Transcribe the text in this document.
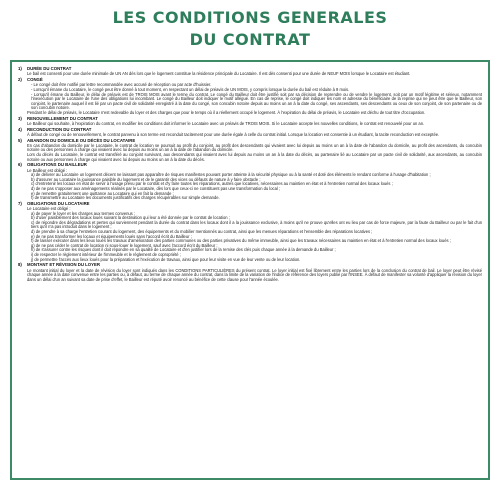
LES CONDITIONS GENERALES
DU CONTRAT
1) DURÉE DU CONTRAT

Le bail est consenti pour une durée minimale de UN AN dès lors que le logement constitue la résidence principale du Locataire. Il est dès consenti pour une durée de NEUF MOIS lorsque le Locataire est étudiant.

2) CONGÉ

- Le congé doit être notifié par lettre recommandée avec accusé de réception ou par acte d'huissier.

- Lorsqu'il émane du Locataire, le congé peut être donné à tout moment, en respectant un délai de préavis de UN MOIS, y compris lorsque la durée du bail est réduite à 9 mois.

- Lorsqu'il émane du Bailleur, le délai de préavis est de TROIS MOIS avant le terme du contrat. Le congé du Bailleur doit être justifié soit par sa décision de reprendre ou de vendre le logement, soit par un motif légitime et sérieux, notamment l'inexécution par le Locataire de l'une des obligations lui incombant. Le congé du Bailleur doit indiquer le motif allégué. En cas de reprise, le congé doit indiquer les nom et adresse du bénéficiaire de la reprise qui ne peut être que le Bailleur, son conjoint, le partenaire auquel il est lié par un pacte civil de solidarité enregistré à la date du congé, son concubin notoire depuis au moins un an à la date du congé, ses ascendants, ses descendants ou ceux de son conjoint, de son partenaire ou de son concubin notoire.

Pendant le délai de préavis, le Locataire n'est redevable du loyer et des charges que pour le temps où il a réellement occupé le logement. À l'expiration du délai de préavis, le Locataire est déchu de tout titre d'occupation.

3) RENOUVELLEMENT DU CONTRAT

Le Bailleur qui souhaite, à l'expiration du contrat, en modifier les conditions doit informer le Locataire avec un préavis de TROIS MOIS. Si le Locataire accepte les nouvelles conditions, le contrat est renouvelé pour un an.

4) RECONDUCTION DU CONTRAT

À défaut de congé ou de renouvellement, le contrat parvenu à son terme est reconduit tacitement pour une durée égale à celle du contrat initial. Lorsque la location est consentie à un étudiant, la tacite reconduction est exceptée.

5) ABANDON DU DOMICILE OU DÉCÈS DU LOCATAIRE

En cas d'abandon du domicile par le Locataire, le contrat de location se poursuit au profit du conjoint, au profit des descendants qui vivaient avec lui depuis au moins un an à la date de l'abandon du domicile, au profit des ascendants, du concubin notoire ou des personnes à charge qui vivaient avec lui depuis au moins un an à la date de l'abandon du domicile.

Lors du décès du Locataire, le contrat est transféré au conjoint survivant, aux descendants qui vivaient avec lui depuis au moins un an à la date du décès, au partenaire lié au Locataire par un pacte civil de solidarité, aux ascendants, au concubin notoire ou aux personnes à charge qui vivaient avec lui depuis au moins un an à la date du décès.

6) OBLIGATIONS DU BAILLEUR

Le Bailleur est obligé :

a) de délivrer au Locataire un logement décent ne laissant pas apparaître de risques manifestes pouvant porter atteinte à la sécurité physique ou à la santé et doté des éléments le rendant conforme à l'usage d'habitation ;

b) d'assurer au Locataire la jouissance paisible du logement et de le garantir des vices ou défauts de nature à y faire obstacle ;

c) d'entretenir les locaux en état de servir à l'usage prévu par le contrat et d'y faire toutes les réparations, autres que locatives, nécessaires au maintien en état et à l'entretien normal des locaux loués ;

d) de ne pas s'opposer aux aménagements réalisés par le Locataire, dès lors que ceux-ci ne constituent pas une transformation du local ;

e) de remettre gratuitement une quittance au Locataire qui en fait la demande ;

f) de transmettre au Locataire les documents justificatifs des charges récupérables sur simple demande.

7) OBLIGATIONS DU LOCATAIRE

Le Locataire est obligé :

a) de payer le loyer et les charges aux termes convenus ;

b) d'user paisiblement des locaux loués suivant la destination qui leur a été donnée par le contrat de location ;

c) de répondre des dégradations et pertes qui surviennent pendant la durée du contrat dans les locaux dont il a la jouissance exclusive, à moins qu'il ne prouve qu'elles ont eu lieu par cas de force majeure, par la faute du Bailleur ou par le fait d'un tiers qu'il n'a pas introduit dans le logement ;

d) de prendre à sa charge l'entretien courant du logement, des équipements et du mobilier mentionnés au contrat, ainsi que les menues réparations et l'ensemble des réparations locatives ;

e) de ne pas transformer les locaux et équipements loués sans l'accord écrit du Bailleur ;

f) de laisser exécuter dans les lieux loués les travaux d'amélioration des parties communes ou des parties privatives du même immeuble, ainsi que les travaux nécessaires au maintien en état et à l'entretien normal des locaux loués ;

g) de ne pas céder le contrat de location ni sous-louer le logement, sauf avec l'accord écrit du Bailleur ;

h) de s'assurer contre les risques dont il doit répondre en sa qualité de Locataire et d'en justifier lors de la remise des clés puis chaque année à la demande du Bailleur ;

i) de respecter le règlement intérieur de l'immeuble et le règlement de copropriété ;

j) de permettre l'accès aux lieux loués pour la préparation et l'exécution de travaux, ainsi que pour leur visite en vue de leur vente ou de leur location.

8) MONTANT ET RÉVISION DU LOYER

Le montant initial du loyer et la date de révision du loyer sont indiqués dans les CONDITIONS PARTICULIÈRES du présent contrat. Le loyer initial est fixé librement entre les parties lors de la conclusion du contrat de bail. Le loyer peut être révisé chaque année à la date convenue entre les parties ou, à défaut, au terme de chaque année du contrat, dans la limite de la variation de l'indice de référence des loyers publié par l'INSEE. À défaut de manifester sa volonté d'appliquer la révision du loyer dans un délai d'un an suivant sa date de prise d'effet, le Bailleur est réputé avoir renoncé au bénéfice de cette clause pour l'année écoulée.
